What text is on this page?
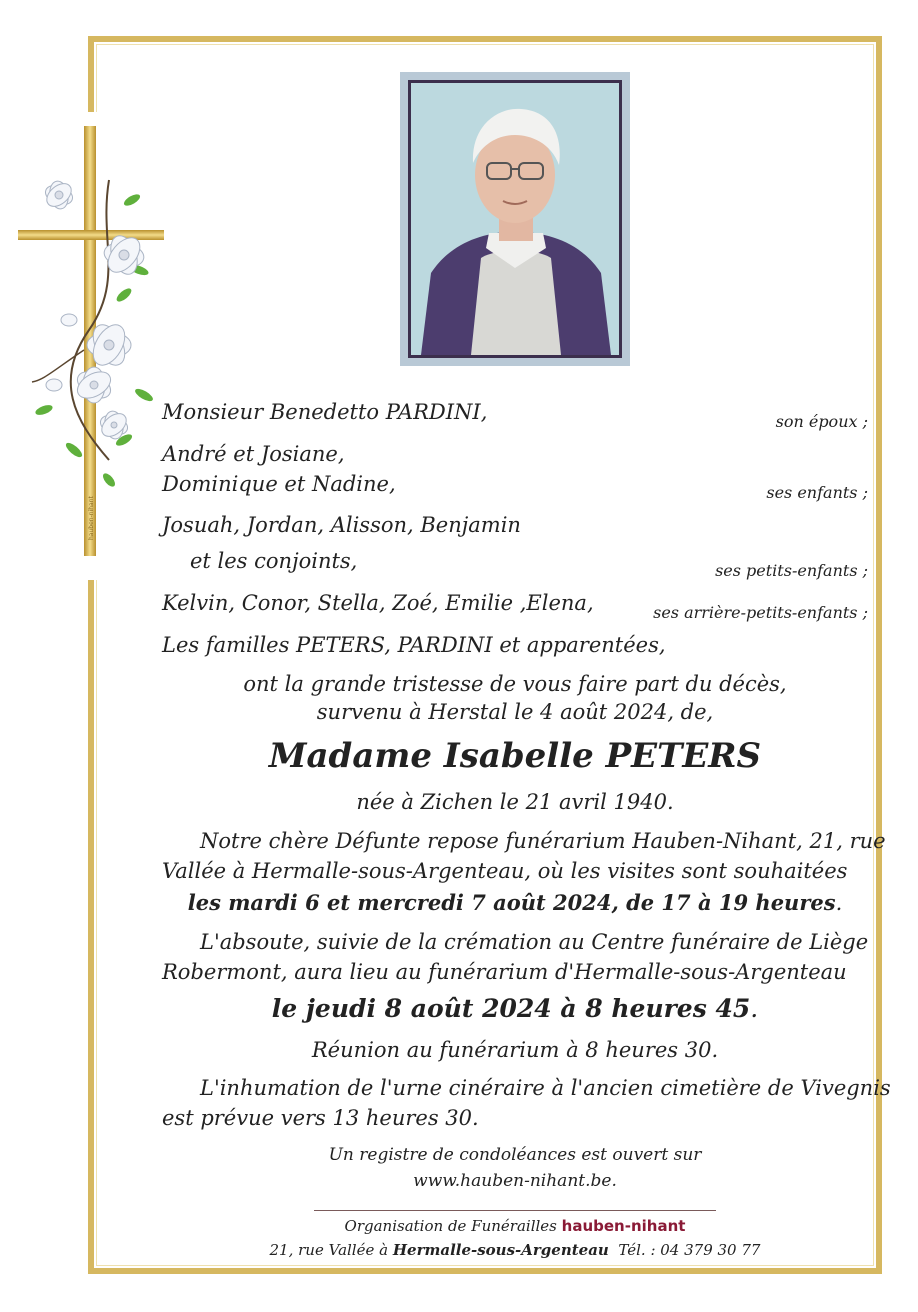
hauben-nihant
Monsieur Benedetto PARDINI,	son époux ;
André et Josiane,
Dominique et Nadine,	ses enfants ;
Josuah, Jordan, Alisson, Benjamin
et les conjoints,	ses petits-enfants ;
Kelvin, Conor, Stella, Zoé, Emilie ,Elena,	ses arrière-petits-enfants ;
Les familles PETERS, PARDINI et apparentées,
ont la grande tristesse de vous faire part du décès,
survenu à Herstal le 4 août 2024, de,
Madame Isabelle PETERS
née à Zichen le 21 avril 1940.
Notre chère Défunte repose funérarium Hauben-Nihant, 21, rue
Vallée à Hermalle-sous-Argenteau, où les visites sont souhaitées
les mardi 6 et mercredi 7 août 2024, de 17 à 19 heures.
L'absoute, suivie de la crémation au Centre funéraire de Liège
Robermont, aura lieu au funérarium d'Hermalle-sous-Argenteau
le jeudi 8 août 2024 à 8 heures 45.
Réunion au funérarium à 8 heures 30.
L'inhumation de l'urne cinéraire à l'ancien cimetière de Vivegnis
est prévue vers 13 heures 30.
Un registre de condoléances est ouvert sur
www.hauben-nihant.be.
Organisation de Funérailles hauben-nihant
21, rue Vallée à Hermalle-sous-Argenteau Tél. : 04 379 30 77
